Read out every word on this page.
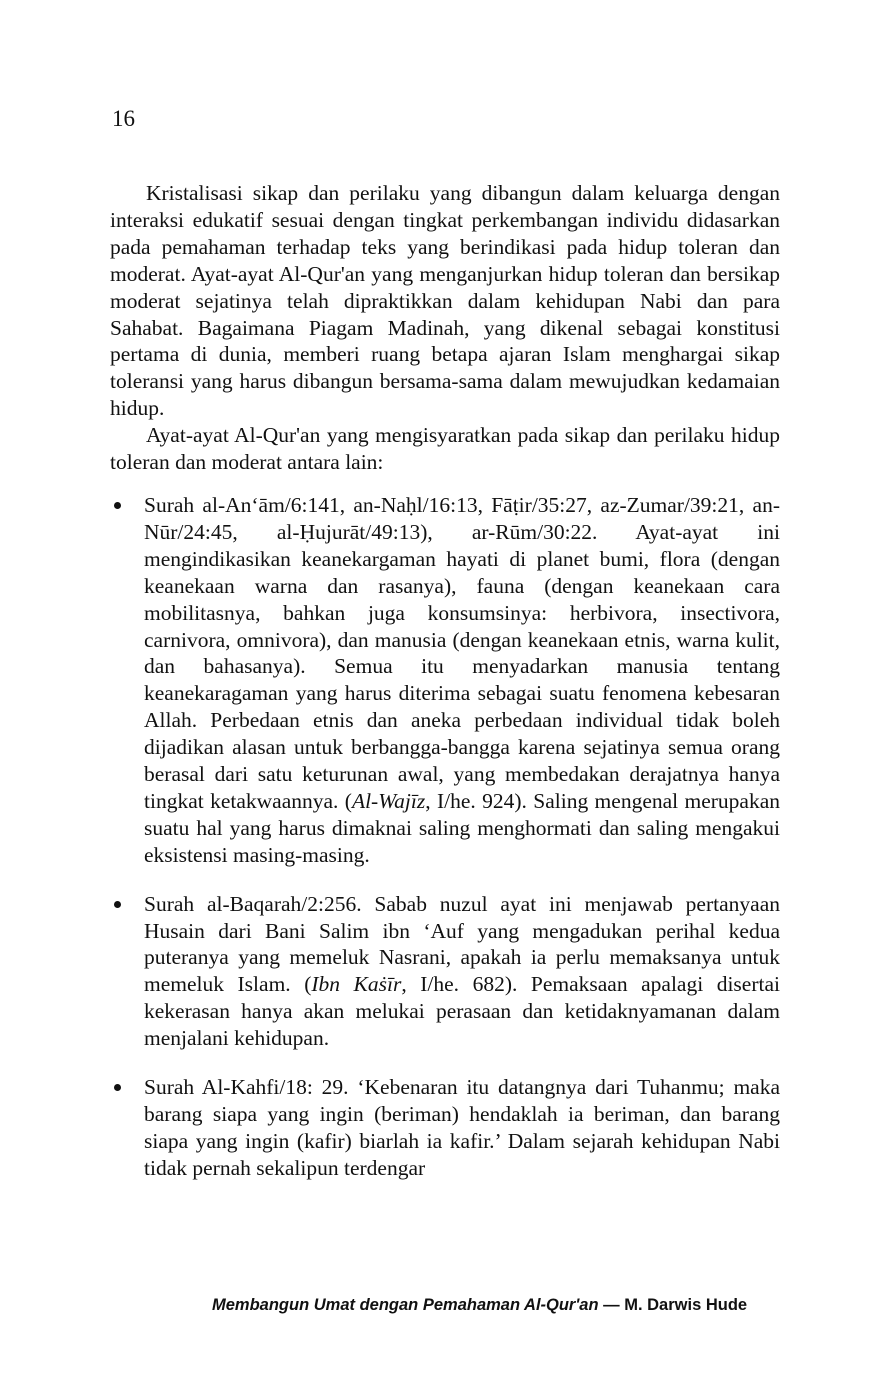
16

Kristalisasi sikap dan perilaku yang dibangun dalam keluarga dengan interaksi edukatif sesuai dengan tingkat perkembangan individu didasarkan pada pemahaman terhadap teks yang berindikasi pada hidup toleran dan moderat. Ayat-ayat Al-Qur'an yang menganjurkan hidup toleran dan bersikap moderat sejatinya telah dipraktikkan dalam kehidupan Nabi dan para Sahabat. Bagaimana Piagam Madinah, yang dikenal sebagai konstitusi pertama di dunia, memberi ruang betapa ajaran Islam menghargai sikap toleransi yang harus dibangun bersama-sama dalam mewujudkan kedamaian hidup.

Ayat-ayat Al-Qur'an yang mengisyaratkan pada sikap dan perilaku hidup toleran dan moderat antara lain:

Surah al-An‘ām/6:141, an-Naḥl/16:13, Fāṭir/35:27, az-Zumar/39:21, an-Nūr/24:45, al-Ḥujurāt/49:13), ar-Rūm/30:22. Ayat-ayat ini mengindikasikan keanekargaman hayati di planet bumi, flora (dengan keanekaan warna dan rasanya), fauna (dengan keanekaan cara mobilitasnya, bahkan juga konsumsinya: herbivora, insectivora, carnivora, omnivora), dan manusia (dengan keanekaan etnis, warna kulit, dan bahasanya). Semua itu menyadarkan manusia tentang keanekaragaman yang harus diterima sebagai suatu fenomena kebesaran Allah. Perbedaan etnis dan aneka perbedaan individual tidak boleh dijadikan alasan untuk berbangga-bangga karena sejatinya semua orang berasal dari satu keturunan awal, yang membedakan derajatnya hanya tingkat ketakwaannya. (Al-Wajīz, I/he. 924). Saling mengenal merupakan suatu hal yang harus dimaknai saling menghormati dan saling mengakui eksistensi masing-masing.
Surah al-Baqarah/2:256. Sabab nuzul ayat ini menjawab pertanyaan Husain dari Bani Salim ibn ‘Auf yang mengadukan perihal kedua puteranya yang memeluk Nasrani, apakah ia perlu memaksanya untuk memeluk Islam. (Ibn Kaṡīr, I/he. 682). Pemaksaan apalagi disertai kekerasan hanya akan melukai perasaan dan ketidaknyamanan dalam menjalani kehidupan.
Surah Al-Kahfi/18: 29. ‘Kebenaran itu datangnya dari Tuhanmu; maka barang siapa yang ingin (beriman) hendaklah ia beriman, dan barang siapa yang ingin (kafir) biarlah ia kafir.’ Dalam sejarah kehidupan Nabi tidak pernah sekalipun terdengar
Membangun Umat dengan Pemahaman Al-Qur'an — M. Darwis Hude
